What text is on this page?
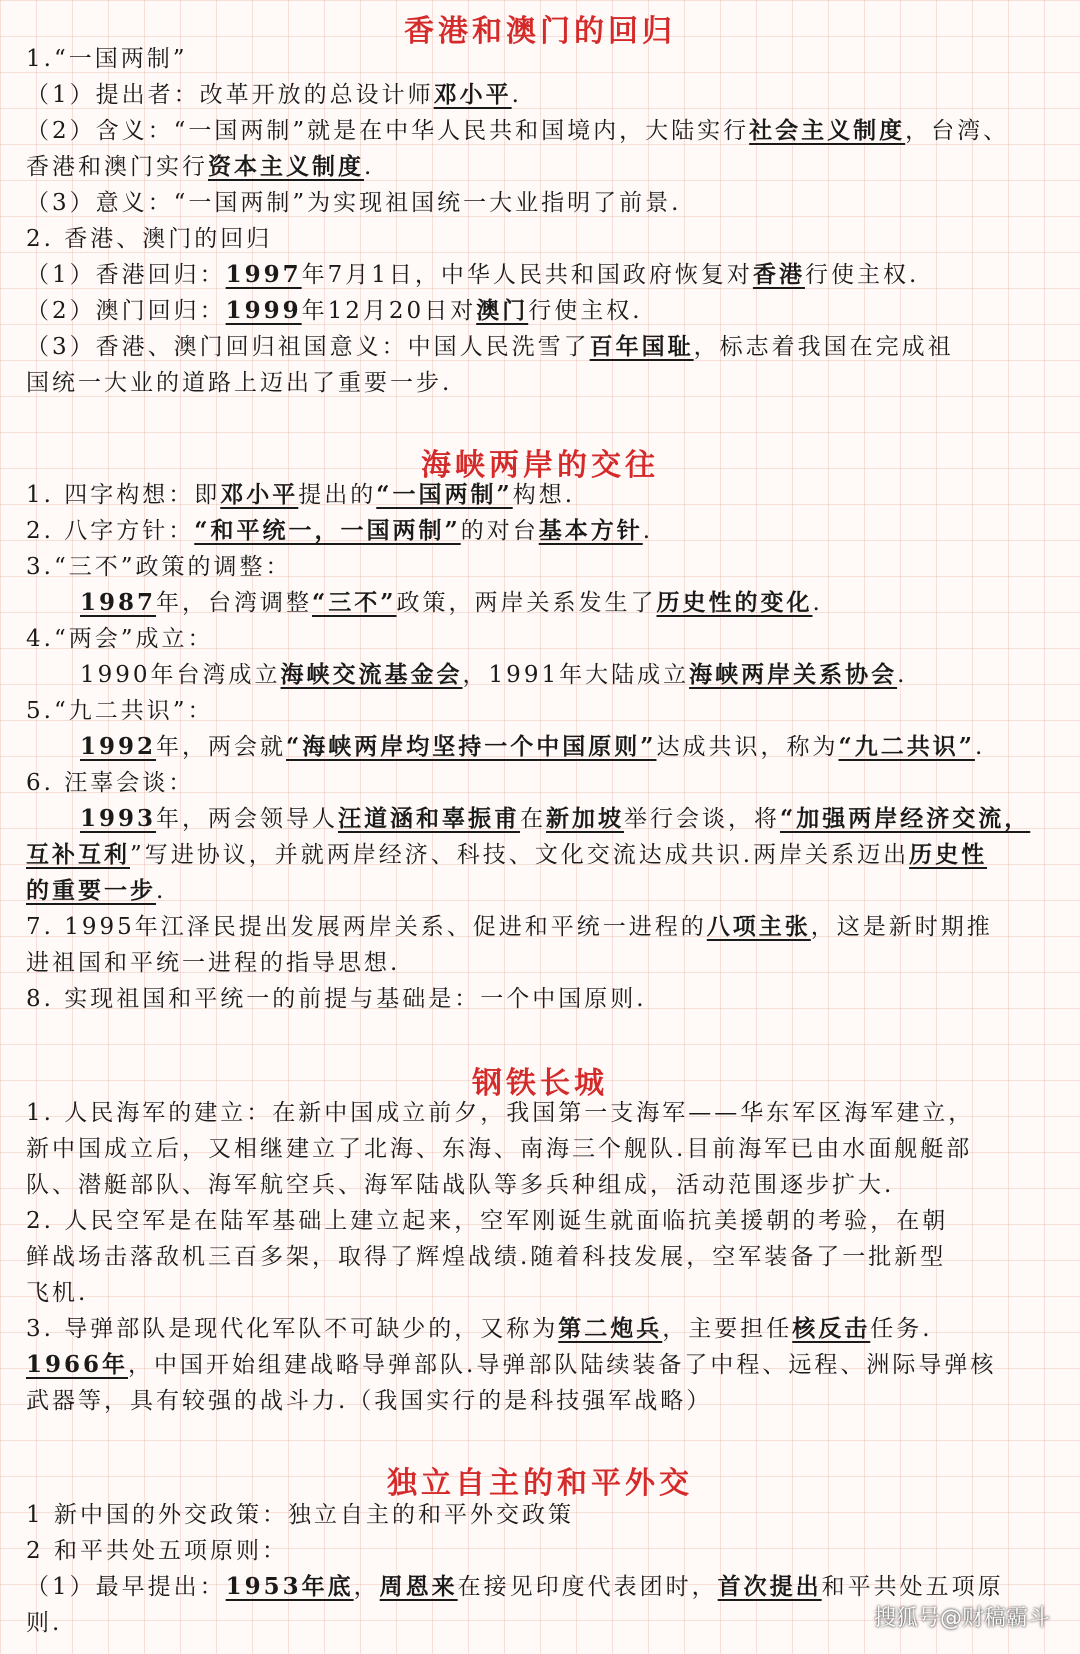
香港和澳门的回归
1.“一国两制”
（1）提出者：改革开放的总设计师邓小平.
（2）含义：“一国两制”就是在中华人民共和国境内，大陆实行社会主义制度，台湾、
香港和澳门实行资本主义制度.
（3）意义：“一国两制”为实现祖国统一大业指明了前景.
2. 香港、澳门的回归
（1）香港回归：1997年7月1日，中华人民共和国政府恢复对香港行使主权.
（2）澳门回归：1999年12月20日对澳门行使主权.
（3）香港、澳门回归祖国意义：中国人民洗雪了百年国耻，标志着我国在完成祖
国统一大业的道路上迈出了重要一步.
海峡两岸的交往
1. 四字构想：即邓小平提出的“一国两制”构想.
2. 八字方针：“和平统一，一国两制”的对台基本方针.
3.“三不”政策的调整：
1987年，台湾调整“三不”政策，两岸关系发生了历史性的变化.
4.“两会”成立：
1990年台湾成立海峡交流基金会，1991年大陆成立海峡两岸关系协会.
5.“九二共识”：
1992年，两会就“海峡两岸均坚持一个中国原则”达成共识，称为“九二共识”.
6. 汪辜会谈：
1993年，两会领导人汪道涵和辜振甫在新加坡举行会谈，将“加强两岸经济交流，
互补互利”写进协议，并就两岸经济、科技、文化交流达成共识.两岸关系迈出历史性
的重要一步.
7. 1995年江泽民提出发展两岸关系、促进和平统一进程的八项主张，这是新时期推
进祖国和平统一进程的指导思想.
8. 实现祖国和平统一的前提与基础是：一个中国原则.
钢铁长城
1. 人民海军的建立：在新中国成立前夕，我国第一支海军——华东军区海军建立，
新中国成立后，又相继建立了北海、东海、南海三个舰队.目前海军已由水面舰艇部
队、潜艇部队、海军航空兵、海军陆战队等多兵种组成，活动范围逐步扩大.
2. 人民空军是在陆军基础上建立起来，空军刚诞生就面临抗美援朝的考验，在朝
鲜战场击落敌机三百多架，取得了辉煌战绩.随着科技发展，空军装备了一批新型
飞机.
3. 导弹部队是现代化军队不可缺少的，又称为第二炮兵，主要担任核反击任务.
1966年，中国开始组建战略导弹部队.导弹部队陆续装备了中程、远程、洲际导弹核
武器等，具有较强的战斗力.（我国实行的是科技强军战略）
独立自主的和平外交
1 新中国的外交政策：独立自主的和平外交政策
2 和平共处五项原则：
（1）最早提出：1953年底，周恩来在接见印度代表团时，首次提出和平共处五项原
则.	搜狐号@财稿霸斗
